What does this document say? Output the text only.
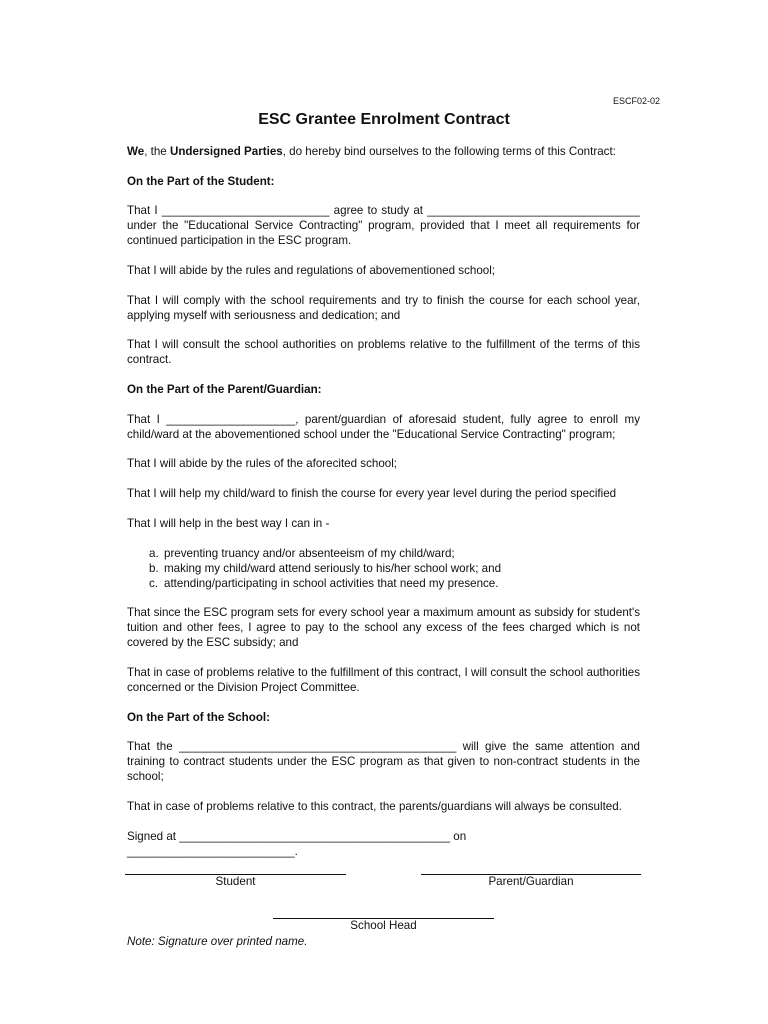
ESCF02-02
ESC Grantee Enrolment Contract

We, the Undersigned Parties, do hereby bind ourselves to the following terms of this Contract:

On the Part of the Student:

That I __________________________ agree to study at _________________________________

under the "Educational Service Contracting" program, provided that I meet all requirements for continued participation in the ESC program.

That I will abide by the rules and regulations of abovementioned school;

That I will comply with the school requirements and try to finish the course for each school year, applying myself with seriousness and dedication; and

That I will consult the school authorities on problems relative to the fulfillment of the terms of this contract.

On the Part of the Parent/Guardian:

That I ____________________, parent/guardian of aforesaid student, fully agree to enroll my child/ward at the abovementioned school under the "Educational Service Contracting" program;

That I will abide by the rules of the aforecited school;

That I will help my child/ward to finish the course for every year level during the period specified

That I will help in the best way I can in -

a. preventing truancy and/or absenteeism of my child/ward;
b. making my child/ward attend seriously to his/her school work; and
c. attending/participating in school activities that need my presence.

That since the ESC program sets for every school year a maximum amount as subsidy for student's tuition and other fees, I agree to pay to the school any excess of the fees charged which is not covered by the ESC subsidy; and

That in case of problems relative to the fulfillment of this contract, I will consult the school authorities concerned or the Division Project Committee.

On the Part of the School:

That the ___________________________________________ will give the same attention and training to contract students under the ESC program as that given to non-contract students in the school;

That in case of problems relative to this contract, the parents/guardians will always be consulted.

Signed at __________________________________________ on __________________________.

Student	Parent/Guardian
School Head
Note: Signature over printed name.
